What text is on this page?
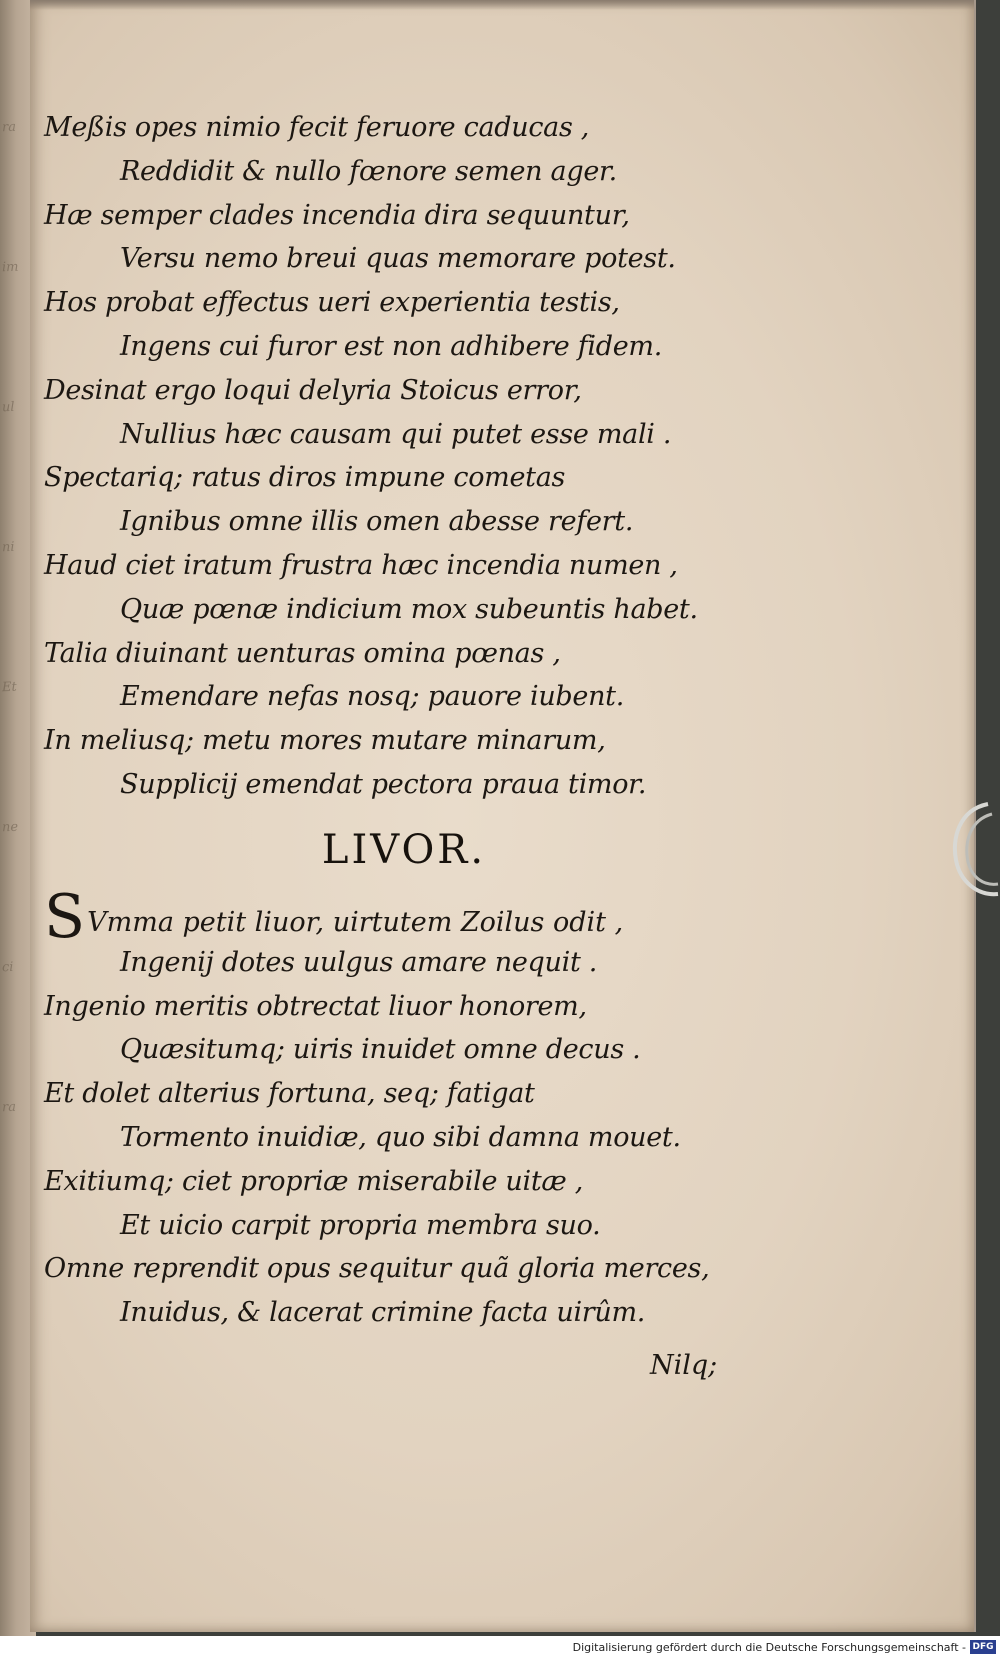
ra
im
ul
ni
Et
ne
ci
ra
Meßis opes nimio fecit feruore caducas ,
Reddidit & nullo fœnore semen ager.
Hæ semper clades incendia dira sequuntur,
Versu nemo breui quas memorare potest.
Hos probat effectus ueri experientia testis,
Ingens cui furor est non adhibere fidem.
Desinat ergo loqui delyria Stoicus error,
Nullius hæc causam qui putet esse mali .
Spectariq; ratus diros impune cometas
Ignibus omne illis omen abesse refert.
Haud ciet iratum frustra hæc incendia numen ,
Quæ pœnæ indicium mox subeuntis habet.
Talia diuinant uenturas omina pœnas ,
Emendare nefas nosq; pauore iubent.
In meliusq; metu mores mutare minarum,
Supplicij emendat pectora praua timor.
LIVOR.
SVmma petit liuor, uirtutem Zoilus odit ,
Ingenij dotes uulgus amare nequit .
Ingenio meritis obtrectat liuor honorem,
Quæsitumq; uiris inuidet omne decus .
Et dolet alterius fortuna, seq; fatigat
Tormento inuidiæ, quo sibi damna mouet.
Exitiumq; ciet propriæ miserabile uitæ ,
Et uicio carpit propria membra suo.
Omne reprendit opus sequitur quã gloria merces,
Inuidus, & lacerat crimine facta uirûm.
Nilq;
Digitalisierung gefördert durch die Deutsche Forschungsgemeinschaft - DFG
